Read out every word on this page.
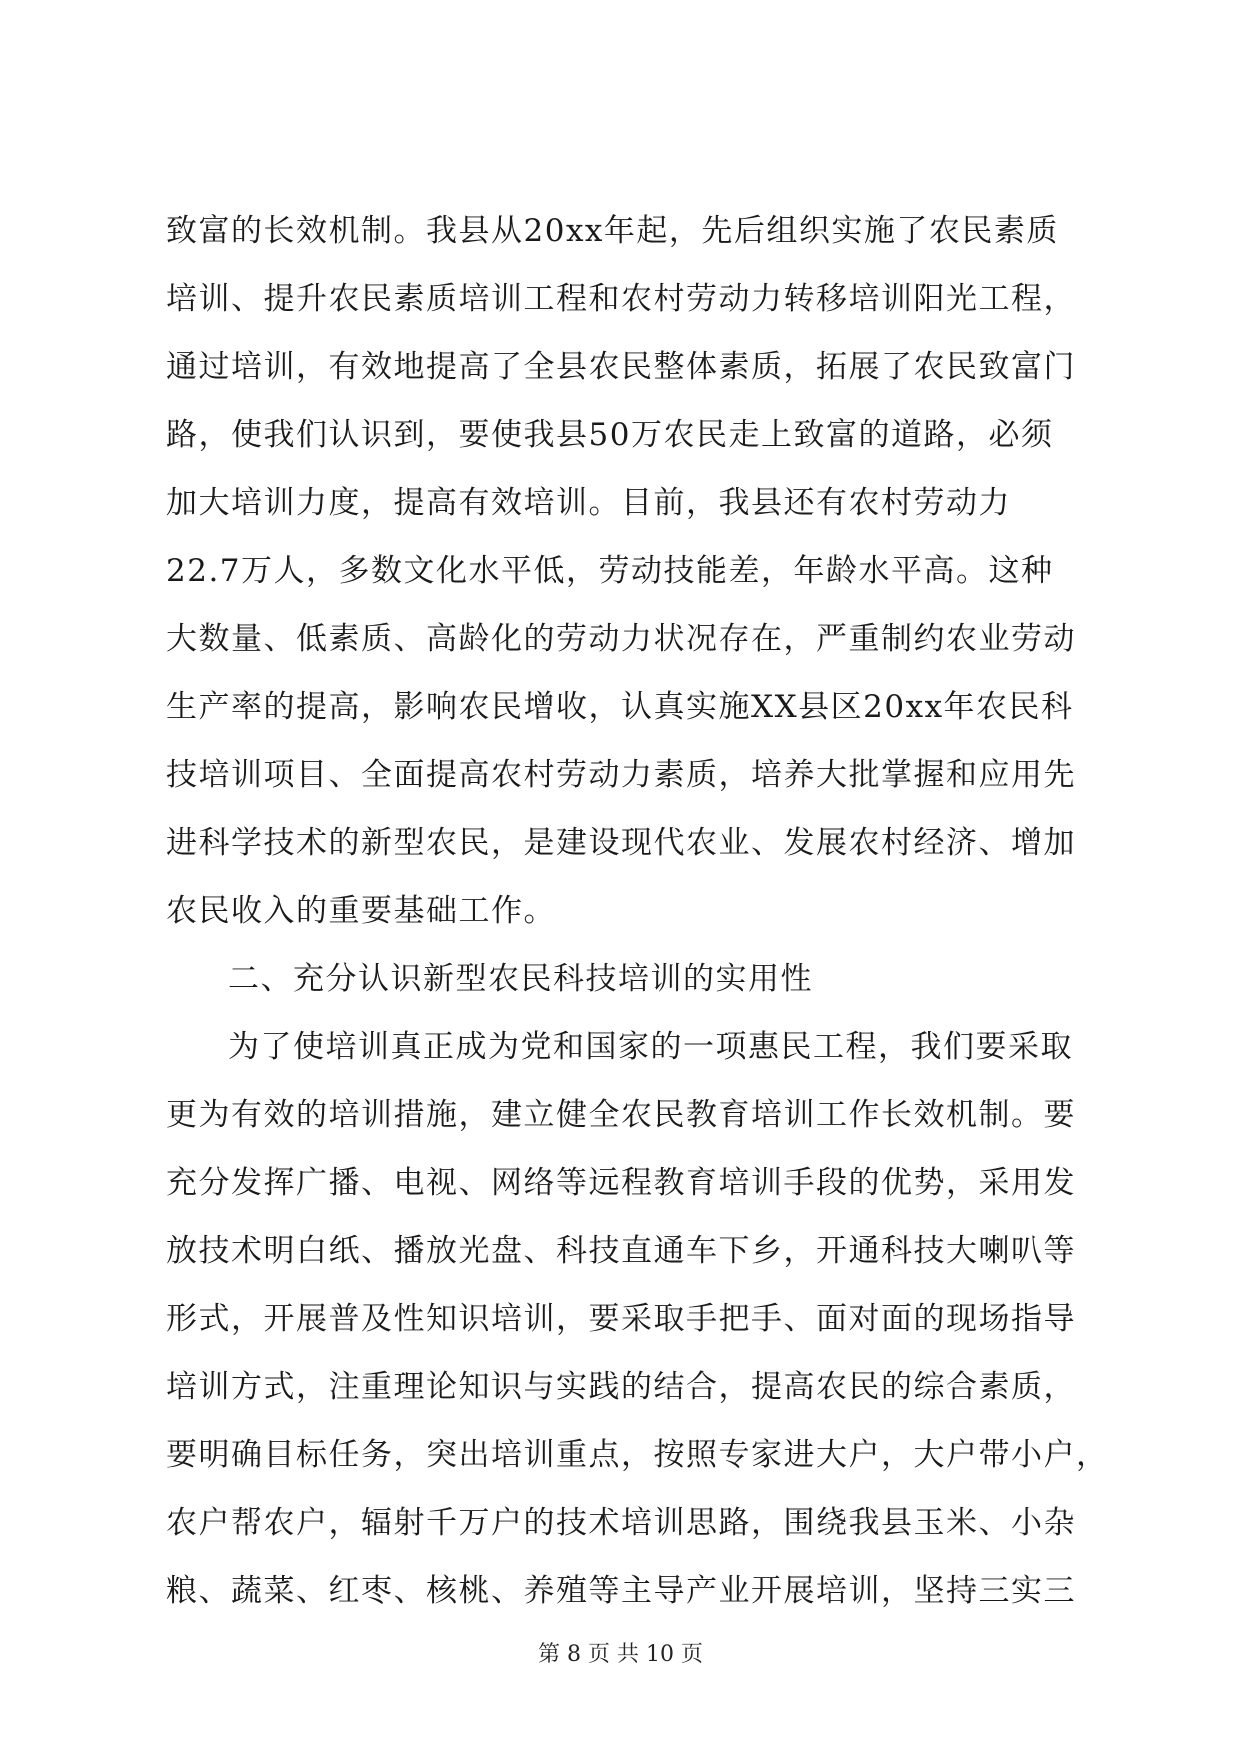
致富的长效机制。我县从20xx年起，先后组织实施了农民素质
培训、提升农民素质培训工程和农村劳动力转移培训阳光工程，
通过培训，有效地提高了全县农民整体素质，拓展了农民致富门
路，使我们认识到，要使我县50万农民走上致富的道路，必须
加大培训力度，提高有效培训。目前，我县还有农村劳动力
22.7万人，多数文化水平低，劳动技能差，年龄水平高。这种
大数量、低素质、高龄化的劳动力状况存在，严重制约农业劳动
生产率的提高，影响农民增收，认真实施XX县区20xx年农民科
技培训项目、全面提高农村劳动力素质，培养大批掌握和应用先
进科学技术的新型农民，是建设现代农业、发展农村经济、增加
农民收入的重要基础工作。
二、充分认识新型农民科技培训的实用性
为了使培训真正成为党和国家的一项惠民工程，我们要采取
更为有效的培训措施，建立健全农民教育培训工作长效机制。要
充分发挥广播、电视、网络等远程教育培训手段的优势，采用发
放技术明白纸、播放光盘、科技直通车下乡，开通科技大喇叭等
形式，开展普及性知识培训，要采取手把手、面对面的现场指导
培训方式，注重理论知识与实践的结合，提高农民的综合素质，
要明确目标任务，突出培训重点，按照专家进大户，大户带小户，
农户帮农户，辐射千万户的技术培训思路，围绕我县玉米、小杂
粮、蔬菜、红枣、核桃、养殖等主导产业开展培训，坚持三实三
第 8 页 共 10 页
